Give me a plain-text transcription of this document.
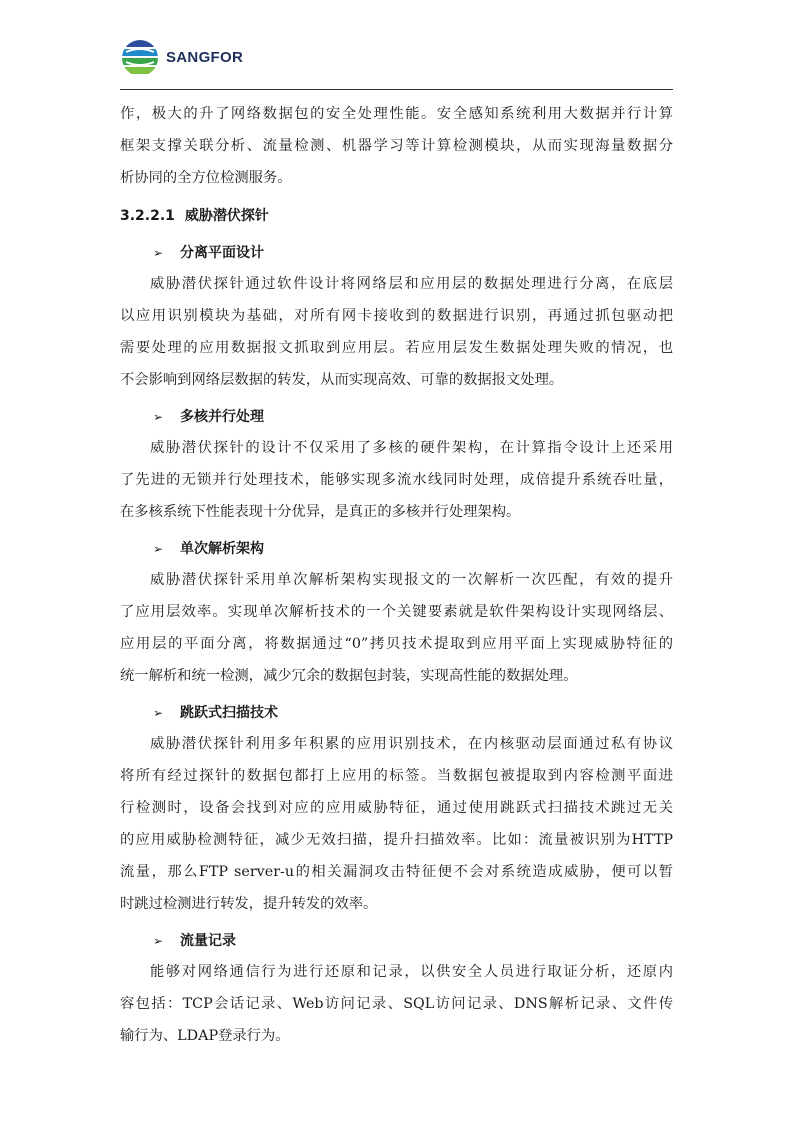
SANGFOR
作，极大的升了网络数据包的安全处理性能。安全感知系统利用大数据并行计算
框架支撑关联分析、流量检测、机器学习等计算检测模块，从而实现海量数据分
析协同的全方位检测服务。
3.2.2.1 威胁潜伏探针
➢ 分离平面设计
威胁潜伏探针通过软件设计将网络层和应用层的数据处理进行分离，在底层
以应用识别模块为基础，对所有网卡接收到的数据进行识别，再通过抓包驱动把
需要处理的应用数据报文抓取到应用层。若应用层发生数据处理失败的情况，也
不会影响到网络层数据的转发，从而实现高效、可靠的数据报文处理。
➢ 多核并行处理
威胁潜伏探针的设计不仅采用了多核的硬件架构，在计算指令设计上还采用
了先进的无锁并行处理技术，能够实现多流水线同时处理，成倍提升系统吞吐量，
在多核系统下性能表现十分优异，是真正的多核并行处理架构。
➢ 单次解析架构
威胁潜伏探针采用单次解析架构实现报文的一次解析一次匹配，有效的提升
了应用层效率。实现单次解析技术的一个关键要素就是软件架构设计实现网络层、
应用层的平面分离，将数据通过“0”拷贝技术提取到应用平面上实现威胁特征的
统一解析和统一检测，减少冗余的数据包封装，实现高性能的数据处理。
➢ 跳跃式扫描技术
威胁潜伏探针利用多年积累的应用识别技术，在内核驱动层面通过私有协议
将所有经过探针的数据包都打上应用的标签。当数据包被提取到内容检测平面进
行检测时，设备会找到对应的应用威胁特征，通过使用跳跃式扫描技术跳过无关
的应用威胁检测特征，减少无效扫描，提升扫描效率。比如：流量被识别为HTTP
流量，那么FTP server-u的相关漏洞攻击特征便不会对系统造成威胁，便可以暂
时跳过检测进行转发，提升转发的效率。
➢ 流量记录
能够对网络通信行为进行还原和记录，以供安全人员进行取证分析，还原内
容包括：TCP会话记录、Web访问记录、SQL访问记录、DNS解析记录、文件传
输行为、LDAP登录行为。
